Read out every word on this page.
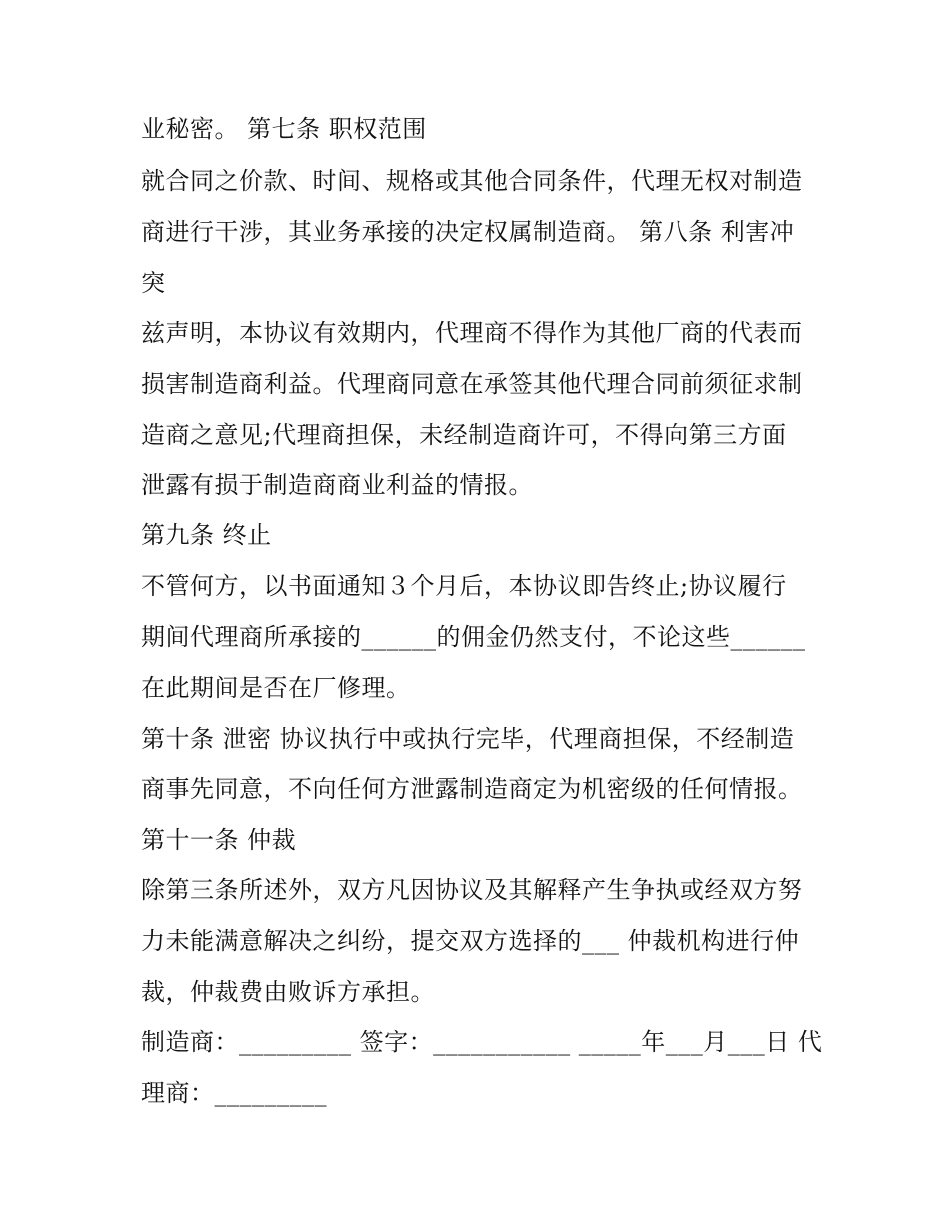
业秘密。 第七条 职权范围
就合同之价款、时间、规格或其他合同条件，代理无权对制造
商进行干涉，其业务承接的决定权属制造商。 第八条 利害冲
突
兹声明，本协议有效期内，代理商不得作为其他厂商的代表而
损害制造商利益。代理商同意在承签其他代理合同前须征求制
造商之意见;代理商担保，未经制造商许可，不得向第三方面
泄露有损于制造商商业利益的情报。
第九条 终止
不管何方，以书面通知３个月后，本协议即告终止;协议履行
期间代理商所承接的______的佣金仍然支付，不论这些______
在此期间是否在厂修理。
第十条 泄密 协议执行中或执行完毕，代理商担保，不经制造
商事先同意，不向任何方泄露制造商定为机密级的任何情报。
第十一条 仲裁
除第三条所述外，双方凡因协议及其解释产生争执或经双方努
力未能满意解决之纠纷，提交双方选择的___ 仲裁机构进行仲
裁，仲裁费由败诉方承担。
制造商：_________ 签字：___________ _____年___月___日 代
理商：_________
